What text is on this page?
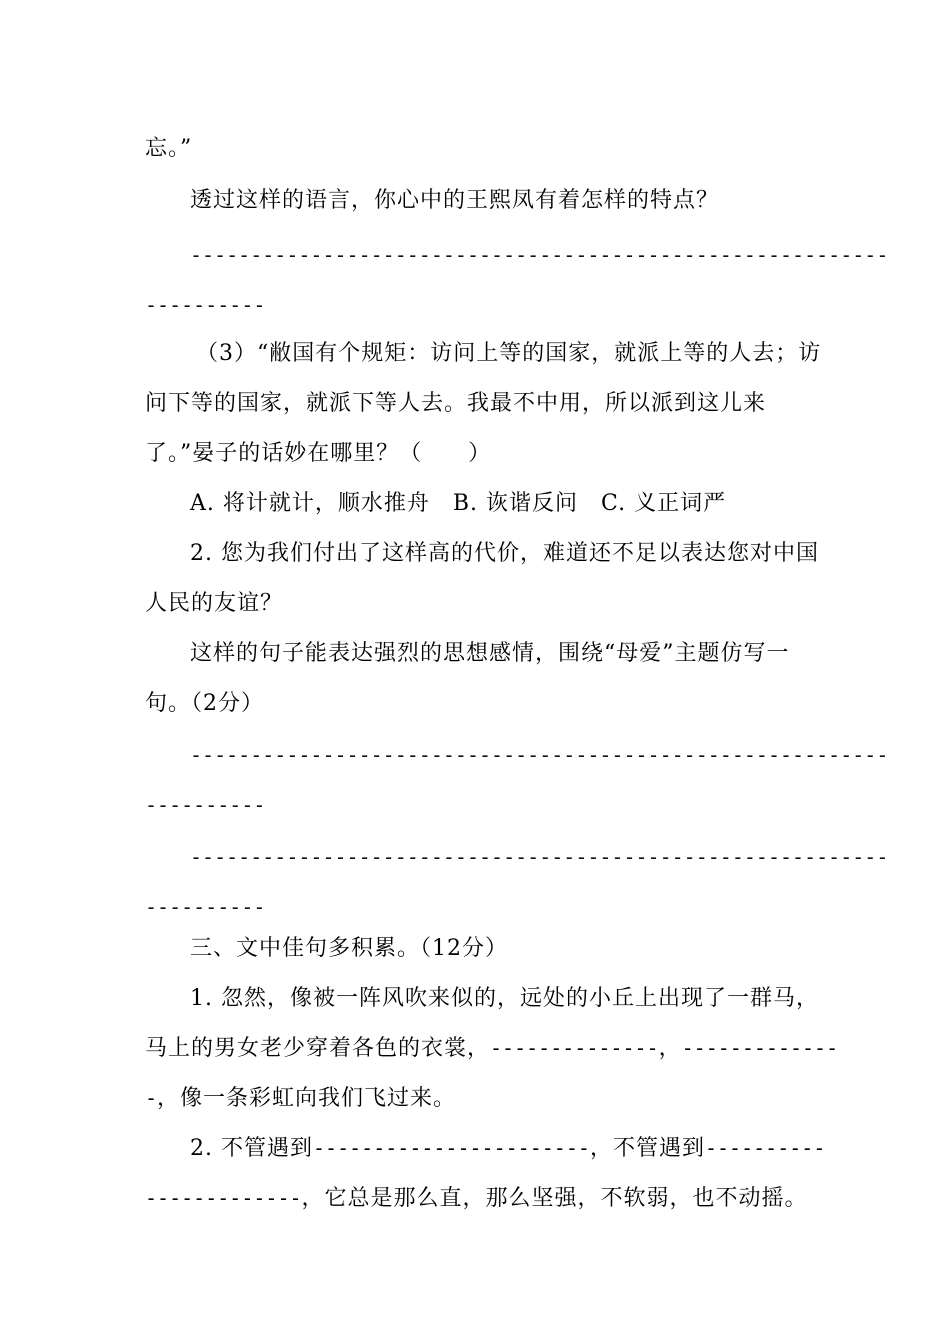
忘。”
透过这样的语言，你心中的王熙凤有着怎样的特点？
----------------------------------------------------------
----------
（3）“敝国有个规矩：访问上等的国家，就派上等的人去；访
问下等的国家，就派下等人去。我最不中用，所以派到这儿来
了。”晏子的话妙在哪里？（　　）
A. 将计就计，顺水推舟　B. 诙谐反问　C. 义正词严
2. 您为我们付出了这样高的代价，难道还不足以表达您对中国
人民的友谊？
这样的句子能表达强烈的思想感情，围绕“母爱”主题仿写一
句。（2分）
----------------------------------------------------------
----------
----------------------------------------------------------
----------
三、文中佳句多积累。（12分）
1. 忽然，像被一阵风吹来似的，远处的小丘上出现了一群马，
马上的男女老少穿着各色的衣裳，--------------，-------------
-，像一条彩虹向我们飞过来。
2. 不管遇到-----------------------，不管遇到----------
-------------，它总是那么直，那么坚强，不软弱，也不动摇。
